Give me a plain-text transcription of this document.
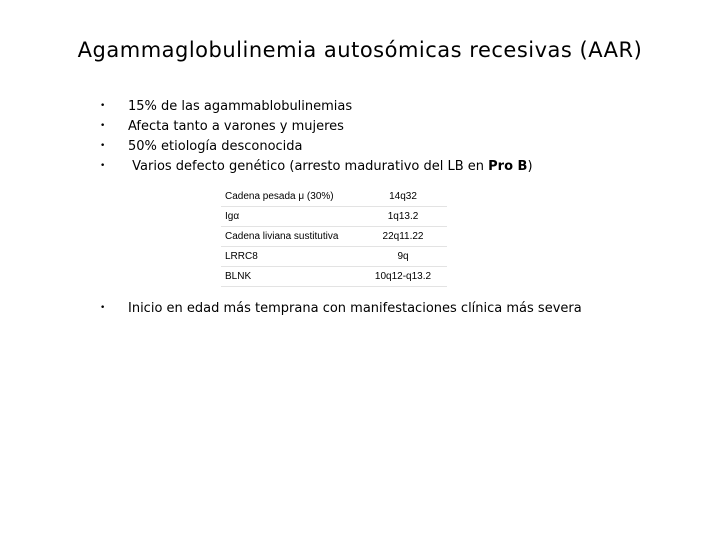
Agammaglobulinemia autosómicas recesivas (AAR)
•	15% de las agammablobulinemias
•	Afecta tanto a varones y mujeres
•	50% etiología desconocida
•	Varios defecto genético (arresto madurativo del LB en Pro B)
Cadena pesada μ (30%)	14q32
Igα	1q13.2
Cadena liviana sustitutiva	22q11.22
LRRC8	9q
BLNK	10q12-q13.2
•	Inicio en edad más temprana con manifestaciones clínica más severa
